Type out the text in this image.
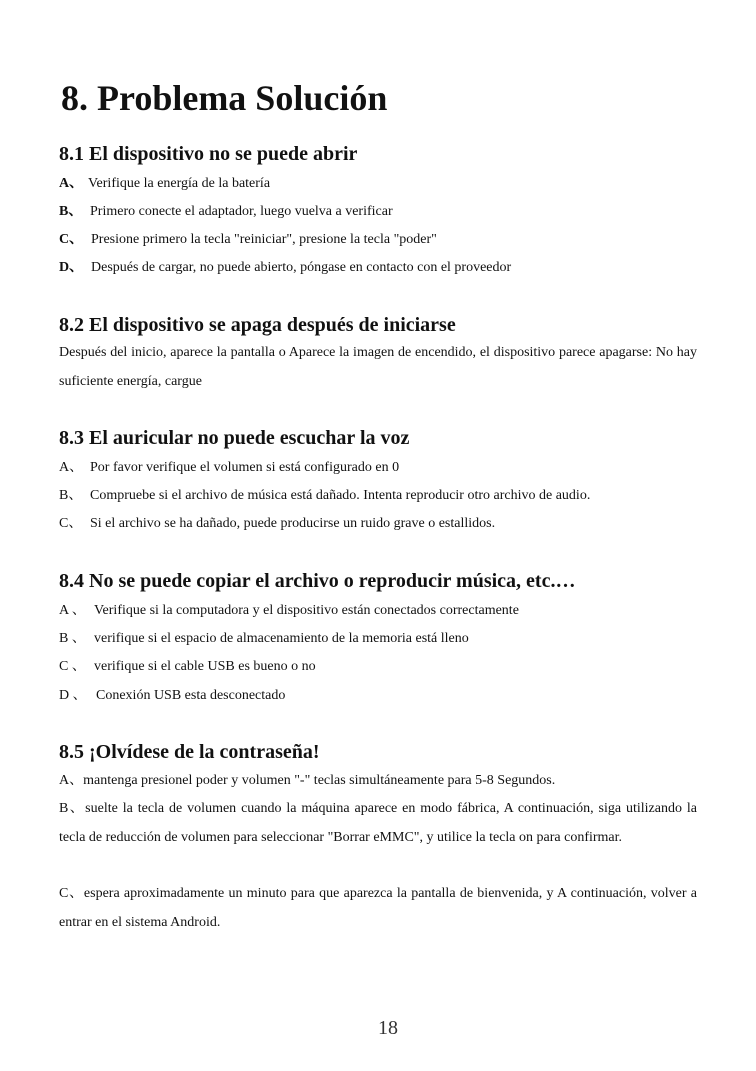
8. Problema Solución
8.1 El dispositivo no se puede abrir
A、 Verifique la energía de la batería
B、 Primero conecte el adaptador, luego vuelva a verificar
C、 Presione primero la tecla "reiniciar", presione la tecla "poder"
D、 Después de cargar, no puede abierto, póngase en contacto con el proveedor
8.2 El dispositivo se apaga después de iniciarse
Después del inicio, aparece la pantalla o Aparece la imagen de encendido, el dispositivo parece apagarse: No hay suficiente energía, cargue
8.3 El auricular no puede escuchar la voz
A、 Por favor verifique el volumen si está configurado en 0
B、 Compruebe si el archivo de música está dañado. Intenta reproducir otro archivo de audio.
C、 Si el archivo se ha dañado, puede producirse un ruido grave o estallidos.
8.4 No se puede copiar el archivo o reproducir música, etc.…
A 、 Verifique si la computadora y el dispositivo están conectados correctamente
B 、 verifique si el espacio de almacenamiento de la memoria está lleno
C 、 verifique si el cable USB es bueno o no
D 、 Conexión USB esta desconectado
8.5 ¡Olvídese de la contraseña!
A、mantenga presionel poder y volumen "-" teclas simultáneamente para 5-8 Segundos.
B、suelte la tecla de volumen cuando la máquina aparece en modo fábrica, A continuación, siga utilizando la tecla de reducción de volumen para seleccionar "Borrar eMMC", y utilice la tecla on para confirmar.
C、espera aproximadamente un minuto para que aparezca la pantalla de bienvenida, y A continuación, volver a entrar en el sistema Android.
18
